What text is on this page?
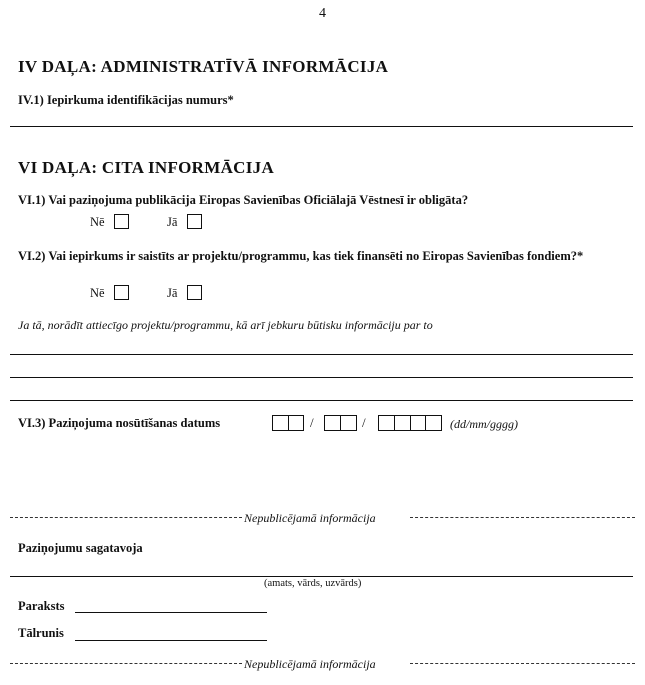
4
IV DAĻA: ADMINISTRATĪVĀ INFORMĀCIJA
IV.1) Iepirkuma identifikācijas numurs*
VI DAĻA: CITA INFORMĀCIJA
VI.1) Vai paziņojuma publikācija Eiropas Savienības Oficiālajā Vēstnesī ir obligāta?
Nē	Jā
VI.2) Vai iepirkums ir saistīts ar projektu/programmu, kas tiek finansēti no Eiropas Savienības fondiem?*
Nē	Jā
Ja tā, norādīt attiecīgo projektu/programmu, kā arī jebkuru būtisku informāciju par to
VI.3) Paziņojuma nosūtīšanas datums	/	/	(dd/mm/gggg)
Nepublicējamā informācija
Paziņojumu sagatavoja
(amats, vārds, uzvārds)
Paraksts
Tālrunis
Nepublicējamā informācija
